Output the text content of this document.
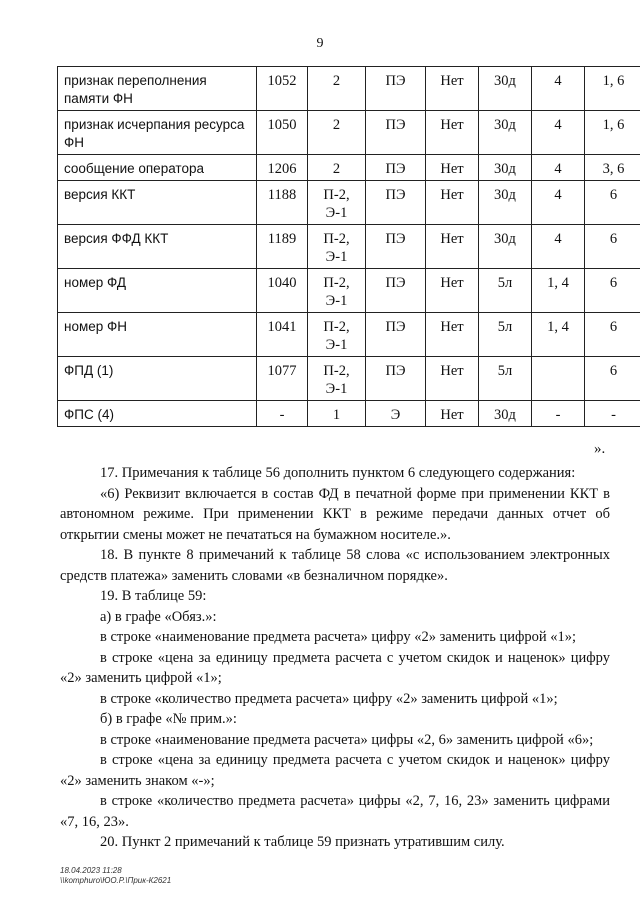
9
признак переполнения памяти ФН	1052	2	ПЭ	Нет	30д	4	1, 6
признак исчерпания ресурса ФН	1050	2	ПЭ	Нет	30д	4	1, 6
сообщение оператора	1206	2	ПЭ	Нет	30д	4	3, 6
версия ККТ	1188	П-2, Э-1	ПЭ	Нет	30д	4	6
версия ФФД ККТ	1189	П-2, Э-1	ПЭ	Нет	30д	4	6
номер ФД	1040	П-2, Э-1	ПЭ	Нет	5л	1, 4	6
номер ФН	1041	П-2, Э-1	ПЭ	Нет	5л	1, 4	6
ФПД (1)	1077	П-2, Э-1	ПЭ	Нет	5л		6
ФПС (4)	-	1	Э	Нет	30д	-	-
».

17. Примечания к таблице 56 дополнить пунктом 6 следующего содержания:

«6) Реквизит включается в состав ФД в печатной форме при применении ККТ в автономном режиме. При применении ККТ в режиме передачи данных отчет об открытии смены может не печататься на бумажном носителе.».

18. В пункте 8 примечаний к таблице 58 слова «с использованием электронных средств платежа» заменить словами «в безналичном порядке».

19. В таблице 59:

а) в графе «Обяз.»:

в строке «наименование предмета расчета» цифру «2» заменить цифрой «1»;

в строке «цена за единицу предмета расчета с учетом скидок и наценок» цифру «2» заменить цифрой «1»;

в строке «количество предмета расчета» цифру «2» заменить цифрой «1»;

б) в графе «№ прим.»:

в строке «наименование предмета расчета» цифры «2, 6» заменить цифрой «6»;

в строке «цена за единицу предмета расчета с учетом скидок и наценок» цифру «2» заменить знаком «-»;

в строке «количество предмета расчета» цифры «2, 7, 16, 23» заменить цифрами «7, 16, 23».

20. Пункт 2 примечаний к таблице 59 признать утратившим силу.

18.04.2023 11:28
\\komphuro\ЮО.P.\Прик-К2621
